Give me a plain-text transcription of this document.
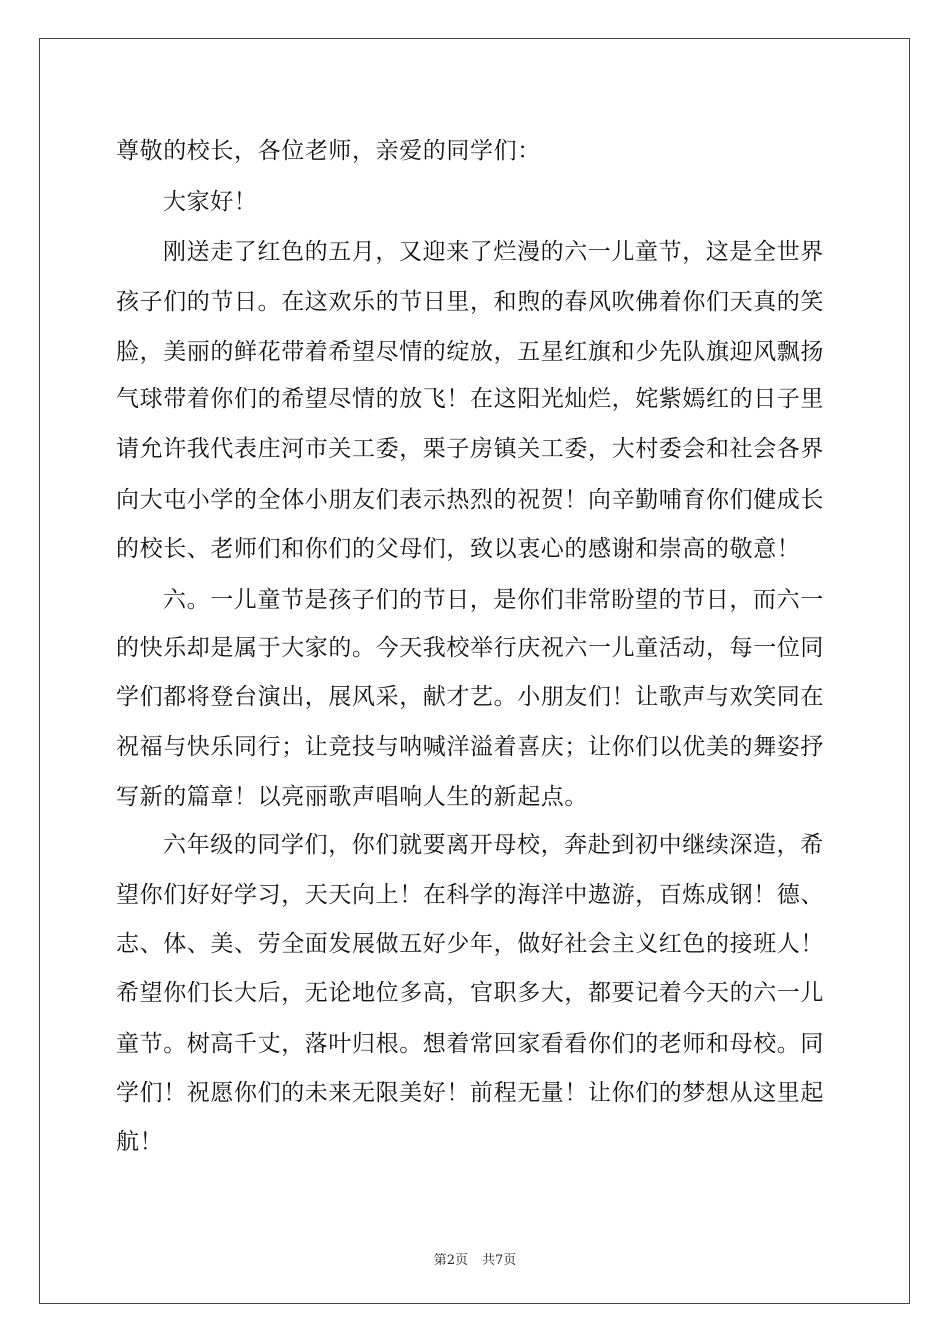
尊敬的校长，各位老师，亲爱的同学们：
大家好！
刚送走了红色的五月，又迎来了烂漫的六一儿童节，这是全世界
孩子们的节日。在这欢乐的节日里，和煦的春风吹佛着你们天真的笑
脸，美丽的鲜花带着希望尽情的绽放，五星红旗和少先队旗迎风飘扬
气球带着你们的希望尽情的放飞！在这阳光灿烂，姹紫嫣红的日子里
请允许我代表庄河市关工委，栗子房镇关工委，大村委会和社会各界
向大屯小学的全体小朋友们表示热烈的祝贺！向辛勤哺育你们健成长
的校长、老师们和你们的父母们，致以衷心的感谢和崇高的敬意！
六。一儿童节是孩子们的节日，是你们非常盼望的节日，而六一
的快乐却是属于大家的。今天我校举行庆祝六一儿童活动，每一位同
学们都将登台演出，展风采，献才艺。小朋友们！让歌声与欢笑同在
祝福与快乐同行；让竞技与呐喊洋溢着喜庆；让你们以优美的舞姿抒
写新的篇章！以亮丽歌声唱响人生的新起点。
六年级的同学们，你们就要离开母校，奔赴到初中继续深造，希
望你们好好学习，天天向上！在科学的海洋中遨游，百炼成钢！德、
志、体、美、劳全面发展做五好少年，做好社会主义红色的接班人！
希望你们长大后，无论地位多高，官职多大，都要记着今天的六一儿
童节。树高千丈，落叶归根。想着常回家看看你们的老师和母校。同
学们！祝愿你们的未来无限美好！前程无量！让你们的梦想从这里起
航！
第2页 共7页
